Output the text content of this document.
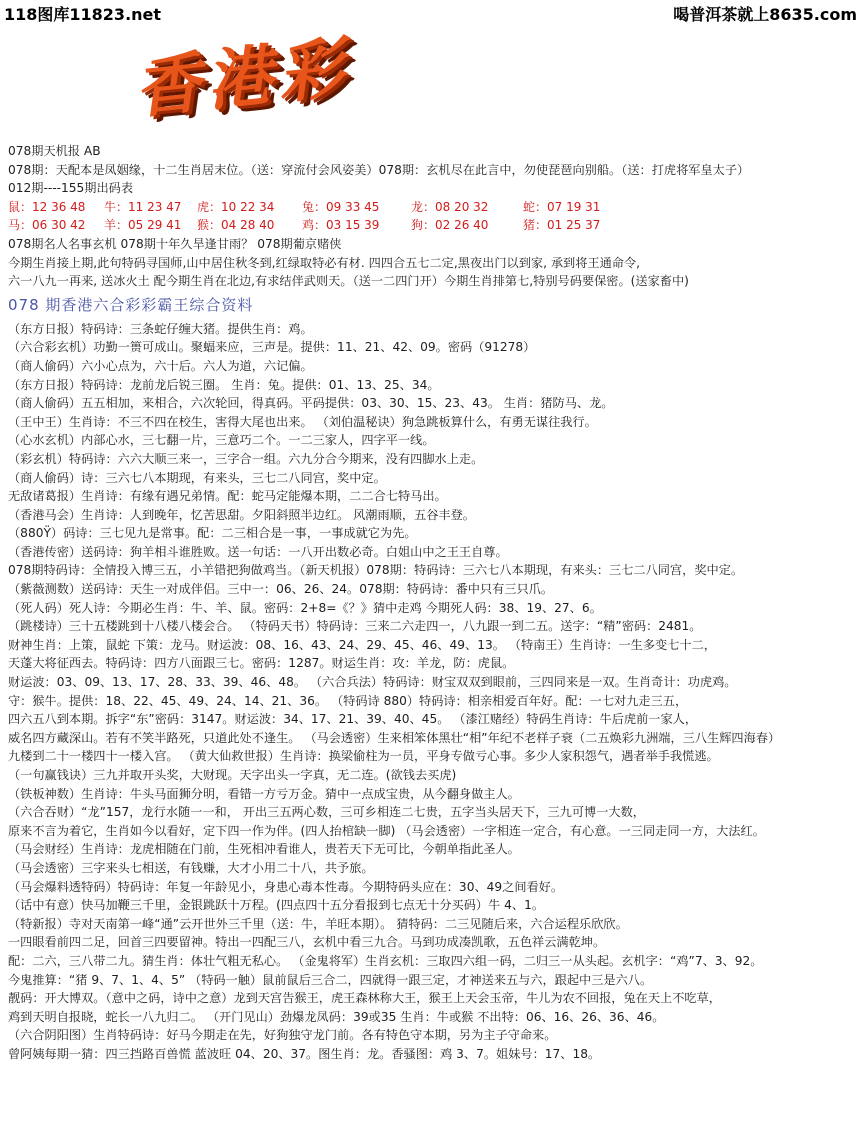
118图库11823.net	喝普洱茶就上8635.com
香港彩
078期天机报 AB
078期：天配本是凤姻缘，十二生肖居末位。（送：穿流付会风姿美）078期：玄机尽在此言中，勿使琵琶向别船。（送：打虎将军皇太子）
012期----155期出码表
鼠：12 36 48 牛：11 23 47 虎：10 22 34 兔：09 33 45	龙：08 20 32	蛇：07 19 31
马：06 30 42 羊：05 29 41 猴：04 28 40 鸡：03 15 39	狗：02 26 40	猪：01 25 37
078期名人名事玄机 078期十年久旱逢甘雨？ 078期葡京赌侠
今期生肖接上期,此句特码寻国师,山中居住秋冬到,红绿取特必有材. 四四合五七二定,黑夜出门以到家, 承到将王通命令,
六一八九一再来, 送冰火土 配今期生肖在北边,有求结伴武则天。（送一二四门开）今期生肖排第七,特别号码要保密。(送家畜中)
078 期香港六合彩彩霸王综合资料
（东方日报）特码诗：三条蛇仔缠大猪。提供生肖：鸡。
（六合彩玄机）功勤一篑可成山。聚蝠来应，三声是。提供：11、21、42、09。密码（91278）
（商人偷码）六小心点为，六十后。六人为道，六记偏。
（东方日报）特码诗：龙前龙后锐三圈。 生肖：兔。提供：01、13、25、34。
（商人偷码）五五相加，来相合，六次轮回，得真码。平码提供：03、30、15、23、43。 生肖：猪防马、龙。
（王中王）生肖诗：不三不四在校生，害得大尾也出来。 （刘伯温秘诀）狗急跳板算什么，有勇无谋往我行。
（心水玄机）内部心水，三七翻一片，三意巧二个。一二三家人，四字平一线。
（彩玄机）特码诗：六六大顺三来一，三字合一组。六九分合今期来，没有四脚水上走。
（商人偷码）诗：三六七八本期现，有来头，三七二八同宫，奖中定。
无敌诸葛报）生肖诗：有缘有遇兄弟情。配：蛇马定能爆本期，二二合七特马出。
（香港马会）生肖诗：人到晚年，忆苦思甜。夕阳斜照半边红。 风潮雨顺，五谷丰登。
（880Ÿ）码诗：三七见九是常事。配：二三相合是一事，一事成就它为先。
（香港传密）送码诗：狗羊相斗谁胜败。送一句话：一八开出数必奇。白姐山中之王王自尊。
078期特码诗：全情投入博三五，小羊错把狗做鸡当。（新天机报）078期：特码诗：三六七八本期现，有来头：三七二八同宫，奖中定。
（紫薇测数）送码诗：天生一对成伴侣。三中一：06、26、24。078期：特码诗：番中只有三只爪。
（死人码）死人诗：今期必生肖：牛、羊、鼠。密码：2+8=《？》猜中走鸡 今期死人码：38、19、27、6。
（跳楼诗）三十五楼跳到十八楼八楼会合。 （特码天书）特码诗：三来二六走四一，八九跟一到二五。送字：“精”密码：2481。
财神生肖：上策，鼠蛇 下策：龙马。财运波：08、16、43、24、29、45、46、49、13。 （特南王）生肖诗：一生多变七十二，
天蓬大将征西去。特码诗：四方八面跟三七。密码：1287。财运生肖：攻：羊龙，防：虎鼠。
财运波：03、09、13、17、28、33、39、46、48。 （六合兵法）特码诗：财宝双双到眼前，三四同来是一双。生肖奇计：功虎鸡。
守：猴牛。提供：18、22、45、49、24、14、21、36。 （特码诗 880）特码诗：相亲相爱百年好。配：一七对九走三五，
四六五八到本期。拆字“东”密码：3147。财运波：34、17、21、39、40、45。 （漆江赌经）特码生肖诗：牛后虎前一家人，
威名四方藏深山。若有不笑半路死，只道此处不逢生。 （马会透密）生来相笨体黑壮“相”年纪不老样子衰（二五焕彩九洲端，三八生辉四海春）
九楼到二十一楼四十一楼入宫。 （黄大仙救世报）生肖诗：换梁偷柱为一员，平身专做亏心事。多少人家积怨气，遇者举手我慌逃。
（一句赢钱诀）三九并取开头奖，大财现。天字出头一字真，无二连。(欲钱去买虎)
（铁板神数）生肖诗：牛头马面狮分明，看错一方亏万金。猜中一点成宝贵，从今翻身做主人。
（六合吞财）“龙”157，龙行水随一一和， 开出三五两心数，三可乡相连二七贵，五字当头居天下，三九可博一大数，
原来不言为着它，生肖如今以看好，定下四一作为伴。(四人抬棺缺一脚) （马会透密）一字相连一定合，有心意。一三同走同一方，大法红。
（马会财经）生肖诗：龙虎相随在门前，生死相冲看谁人，贵若天下无可比，今朝单指此圣人。
（马会透密）三字来头七相送，有钱赚，大才小用二十八，共予旅。
（马会爆料透特码）特码诗：年复一年龄见小，身患心毒本性毒。今期特码头应在：30、49之间看好。
（话中有意）快马加鞭三千里，金银跳跃十万程。(四点四十五分看报到七点无十分买码）牛 4、1。
（特新报）寺对天南第一峰“通”云开世外三千里（送：牛，羊旺本期）。 猜特码：二三见随后来，六合运程乐欣欣。
一四眼看前四二足，回首三四要留神。特出一四配三八，玄机中看三九合。马到功成凑凯歌，五色祥云满乾坤。
配：二六，三八带二九。猜生肖：体壮气粗无私心。 （金鬼将军）生肖玄机：三取四六组一码，二归三一从头起。玄机字：“鸡”7、3、92。
今鬼推算：“猪 9、7、1、4、5” （特码一触）鼠前鼠后三合二，四就得一跟三定，才神送来五与六，跟起中三是六八。
靓码：开大博双。（意中之码，诗中之意）龙到天宫告猴王，虎王森林称大王，猴王上天会玉帝，牛儿为农不回报，兔在天上不吃草，
鸡到天明自报晓，蛇长一八九归二。 （开门见山）劲爆龙凤码：39或35 生肖：牛或猴 不出特：06、16、26、36、46。
（六合阴阳图）生肖特码诗：好马今期走在先，好狗独守龙门前。各有特色守本期，另为主子守命来。
曾阿姨每期一猜：四三挡路百兽慌 蓝波旺 04、20、37。图生肖：龙。香骚图：鸡 3、7。姐妹号：17、18。
